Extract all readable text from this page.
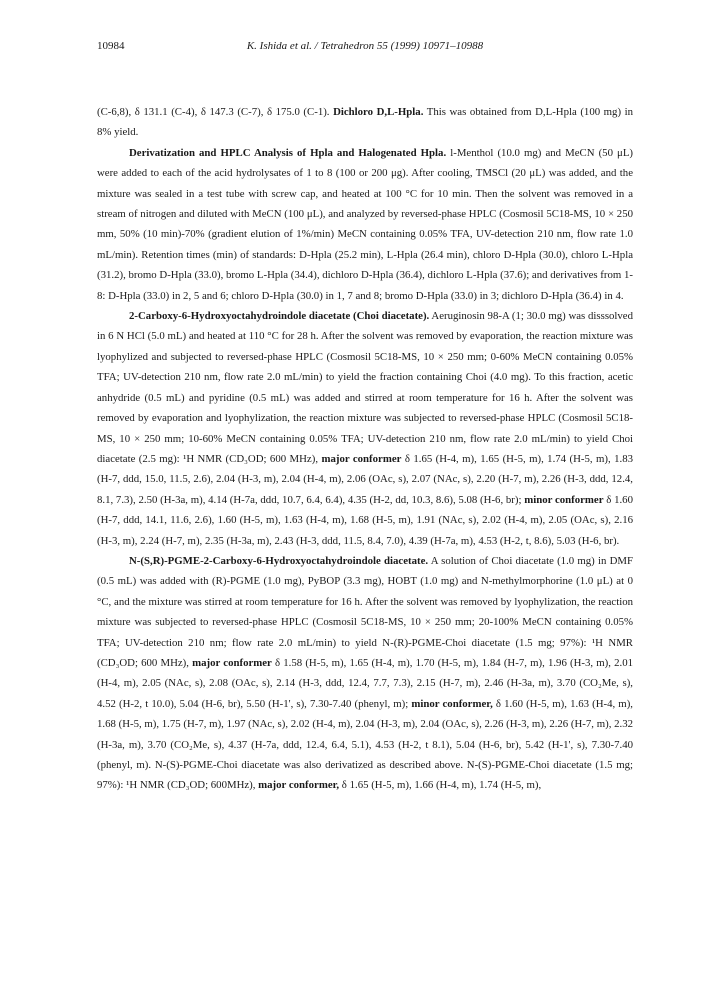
10984	K. Ishida et al. / Tetrahedron 55 (1999) 10971–10988

(C-6,8), δ 131.1 (C-4), δ 147.3 (C-7), δ 175.0 (C-1). Dichloro D,L-Hpla. This was obtained from D,L-Hpla (100 mg) in 8% yield.

Derivatization and HPLC Analysis of Hpla and Halogenated Hpla. l-Menthol (10.0 mg) and MeCN (50 μL) were added to each of the acid hydrolysates of 1 to 8 (100 or 200 μg). After cooling, TMSCl (20 μL) was added, and the mixture was sealed in a test tube with screw cap, and heated at 100 °C for 10 min. Then the solvent was removed in a stream of nitrogen and diluted with MeCN (100 μL), and analyzed by reversed-phase HPLC (Cosmosil 5C18-MS, 10 × 250 mm, 50% (10 min)-70% (gradient elution of 1%/min) MeCN containing 0.05% TFA, UV-detection 210 nm, flow rate 1.0 mL/min). Retention times (min) of standards: D-Hpla (25.2 min), L-Hpla (26.4 min), chloro D-Hpla (30.0), chloro L-Hpla (31.2), bromo D-Hpla (33.0), bromo L-Hpla (34.4), dichloro D-Hpla (36.4), dichloro L-Hpla (37.6); and derivatives from 1-8: D-Hpla (33.0) in 2, 5 and 6; chloro D-Hpla (30.0) in 1, 7 and 8; bromo D-Hpla (33.0) in 3; dichloro D-Hpla (36.4) in 4.

2-Carboxy-6-Hydroxyoctahydroindole diacetate (Choi diacetate). Aeruginosin 98-A (1; 30.0 mg) was disssolved in 6 N HCl (5.0 mL) and heated at 110 °C for 28 h. After the solvent was removed by evaporation, the reaction mixture was lyophylized and subjected to reversed-phase HPLC (Cosmosil 5C18-MS, 10 × 250 mm; 0-60% MeCN containing 0.05% TFA; UV-detection 210 nm, flow rate 2.0 mL/min) to yield the fraction containing Choi (4.0 mg). To this fraction, acetic anhydride (0.5 mL) and pyridine (0.5 mL) was added and stirred at room temperature for 16 h. After the solvent was removed by evaporation and lyophylization, the reaction mixture was subjected to reversed-phase HPLC (Cosmosil 5C18-MS, 10 × 250 mm; 10-60% MeCN containing 0.05% TFA; UV-detection 210 nm, flow rate 2.0 mL/min) to yield Choi diacetate (2.5 mg): ¹H NMR (CD₃OD; 600 MHz), major conformer δ 1.65 (H-4, m), 1.65 (H-5, m), 1.74 (H-5, m), 1.83 (H-7, ddd, 15.0, 11.5, 2.6), 2.04 (H-3, m), 2.04 (H-4, m), 2.06 (OAc, s), 2.07 (NAc, s), 2.20 (H-7, m), 2.26 (H-3, ddd, 12.4, 8.1, 7.3), 2.50 (H-3a, m), 4.14 (H-7a, ddd, 10.7, 6.4, 6.4), 4.35 (H-2, dd, 10.3, 8.6), 5.08 (H-6, br); minor conformer δ 1.60 (H-7, ddd, 14.1, 11.6, 2.6), 1.60 (H-5, m), 1.63 (H-4, m), 1.68 (H-5, m), 1.91 (NAc, s), 2.02 (H-4, m), 2.05 (OAc, s), 2.16 (H-3, m), 2.24 (H-7, m), 2.35 (H-3a, m), 2.43 (H-3, ddd, 11.5, 8.4, 7.0), 4.39 (H-7a, m), 4.53 (H-2, t, 8.6), 5.03 (H-6, br).

N-(S,R)-PGME-2-Carboxy-6-Hydroxyoctahydroindole diacetate. A solution of Choi diacetate (1.0 mg) in DMF (0.5 mL) was added with (R)-PGME (1.0 mg), PyBOP (3.3 mg), HOBT (1.0 mg) and N-methylmorphorine (1.0 μL) at 0 °C, and the mixture was stirred at room temperature for 16 h. After the solvent was removed by lyophylization, the reaction mixture was subjected to reversed-phase HPLC (Cosmosil 5C18-MS, 10 × 250 mm; 20-100% MeCN containing 0.05% TFA; UV-detection 210 nm; flow rate 2.0 mL/min) to yield N-(R)-PGME-Choi diacetate (1.5 mg; 97%): ¹H NMR (CD₃OD; 600 MHz), major conformer δ 1.58 (H-5, m), 1.65 (H-4, m), 1.70 (H-5, m), 1.84 (H-7, m), 1.96 (H-3, m), 2.01 (H-4, m), 2.05 (NAc, s), 2.08 (OAc, s), 2.14 (H-3, ddd, 12.4, 7.7, 7.3), 2.15 (H-7, m), 2.46 (H-3a, m), 3.70 (CO₂Me, s), 4.52 (H-2, t 10.0), 5.04 (H-6, br), 5.50 (H-1', s), 7.30-7.40 (phenyl, m); minor conformer, δ 1.60 (H-5, m), 1.63 (H-4, m), 1.68 (H-5, m), 1.75 (H-7, m), 1.97 (NAc, s), 2.02 (H-4, m), 2.04 (H-3, m), 2.04 (OAc, s), 2.26 (H-3, m), 2.26 (H-7, m), 2.32 (H-3a, m), 3.70 (CO₂Me, s), 4.37 (H-7a, ddd, 12.4, 6.4, 5.1), 4.53 (H-2, t 8.1), 5.04 (H-6, br), 5.42 (H-1', s), 7.30-7.40 (phenyl, m). N-(S)-PGME-Choi diacetate was also derivatized as described above. N-(S)-PGME-Choi diacetate (1.5 mg; 97%): ¹H NMR (CD₃OD; 600MHz), major conformer, δ 1.65 (H-5, m), 1.66 (H-4, m), 1.74 (H-5, m),
